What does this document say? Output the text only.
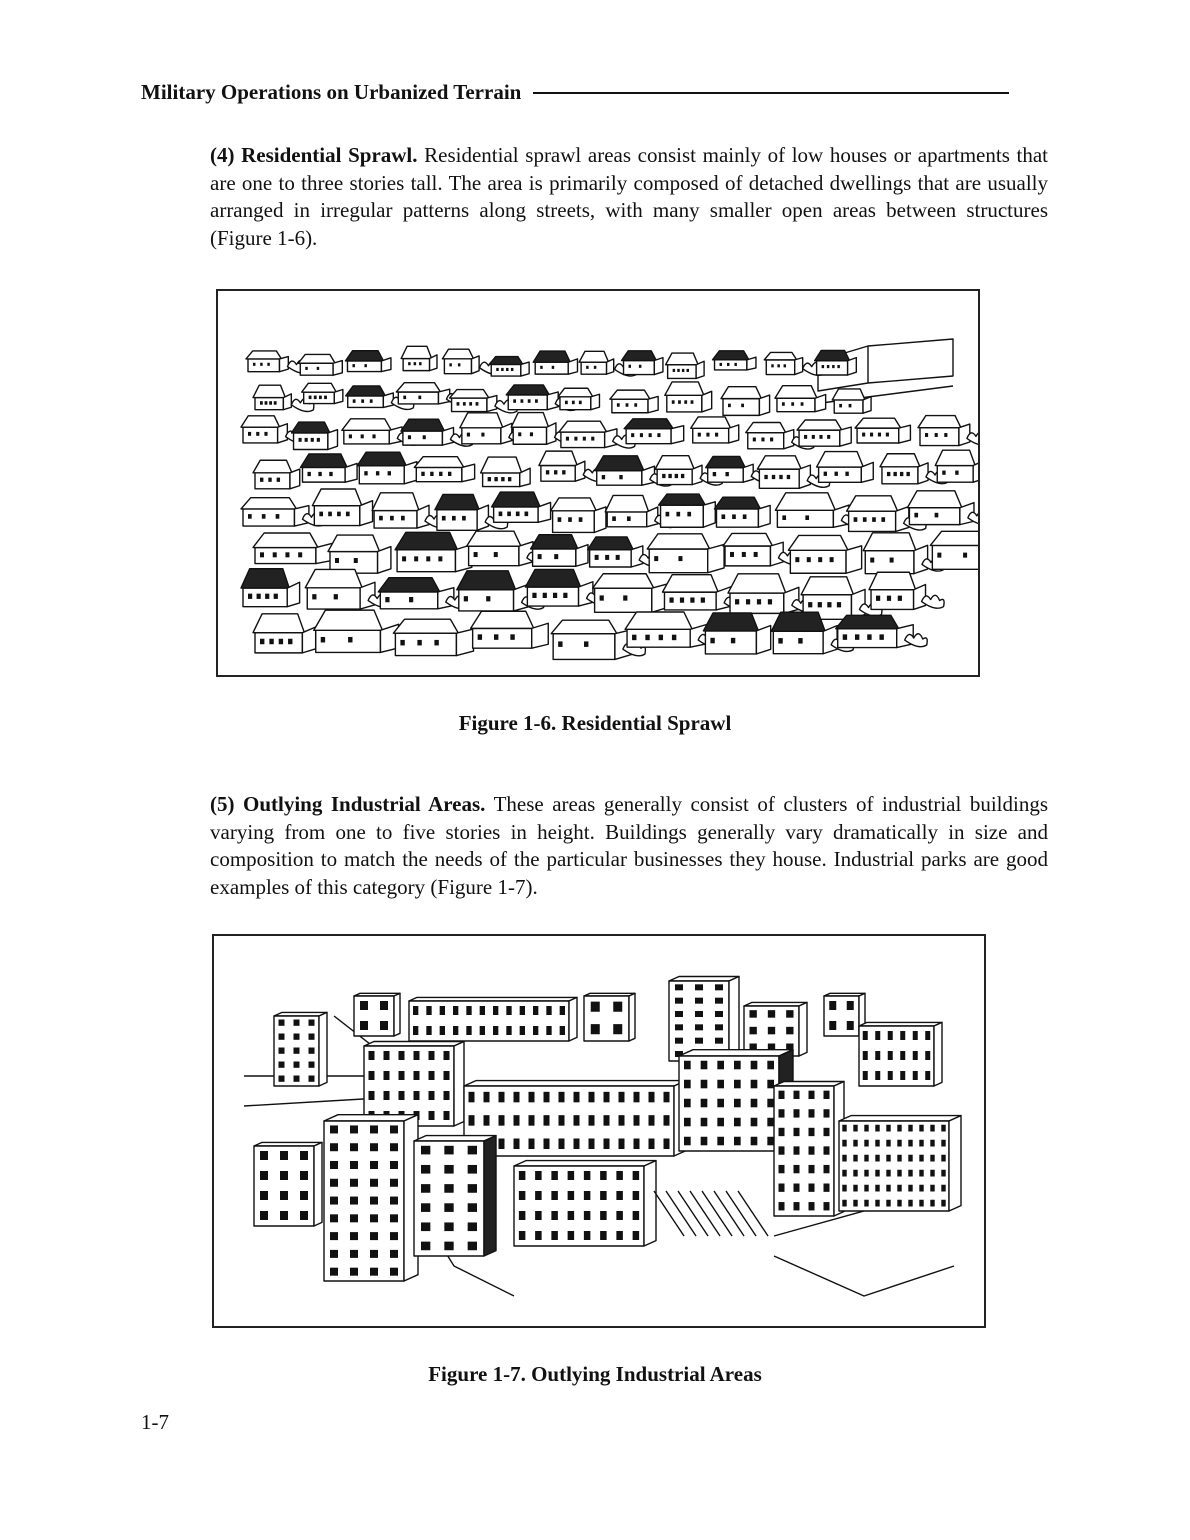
Military Operations on Urbanized Terrain

(4) Residential Sprawl. Residential sprawl areas consist mainly of low houses or apartments that are one to three stories tall. The area is primarily composed of detached dwellings that are usually arranged in irregular patterns along streets, with many smaller open areas between structures (Figure 1-6).

Figure 1-6. Residential Sprawl

(5) Outlying Industrial Areas. These areas generally consist of clusters of industrial buildings varying from one to five stories in height. Buildings generally vary dramatically in size and composition to match the needs of the particular businesses they house. Industrial parks are good examples of this category (Figure 1-7).

Figure 1-7. Outlying Industrial Areas
1-7
